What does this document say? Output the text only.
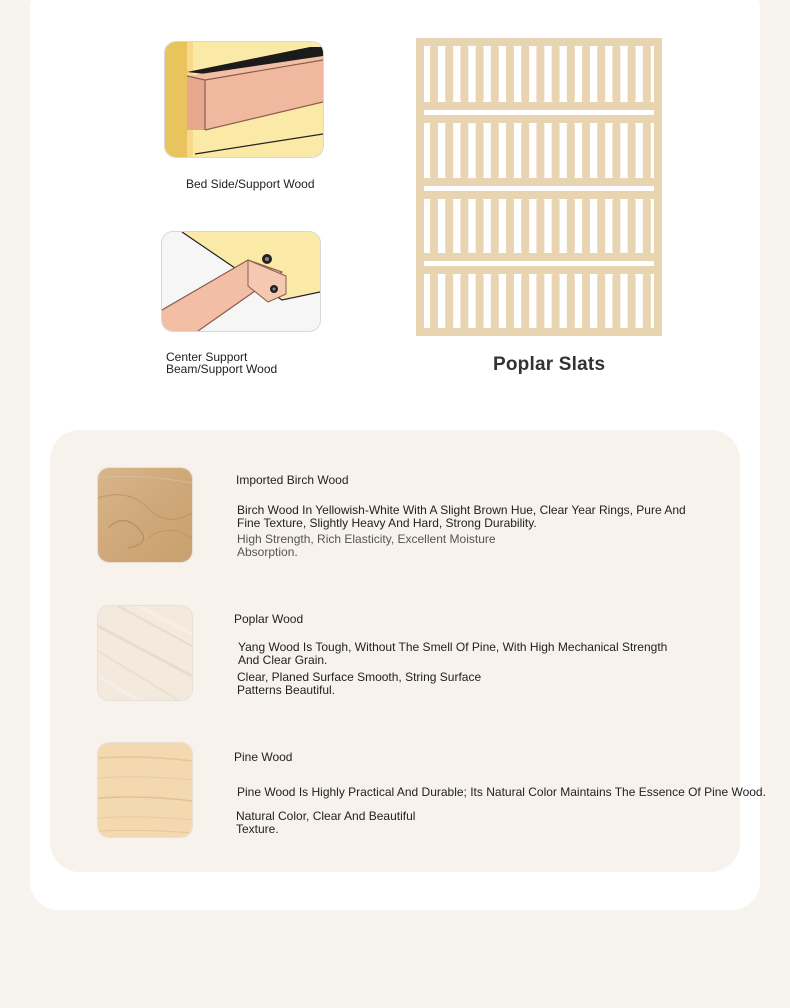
Bed Side/Support Wood
Center Support
Beam/Support Wood	Poplar Slats
Imported Birch Wood
Birch Wood In Yellowish-White With A Slight Brown Hue, Clear Year Rings, Pure And
Fine Texture, Slightly Heavy And Hard, Strong Durability.
High Strength, Rich Elasticity, Excellent Moisture
Absorption.
Poplar Wood
Yang Wood Is Tough, Without The Smell Of Pine, With High Mechanical Strength
And Clear Grain.
Clear, Planed Surface Smooth, String Surface
Patterns Beautiful.
Pine Wood
Pine Wood Is Highly Practical And Durable; Its Natural Color Maintains The Essence Of Pine Wood.
Natural Color, Clear And Beautiful
Texture.
